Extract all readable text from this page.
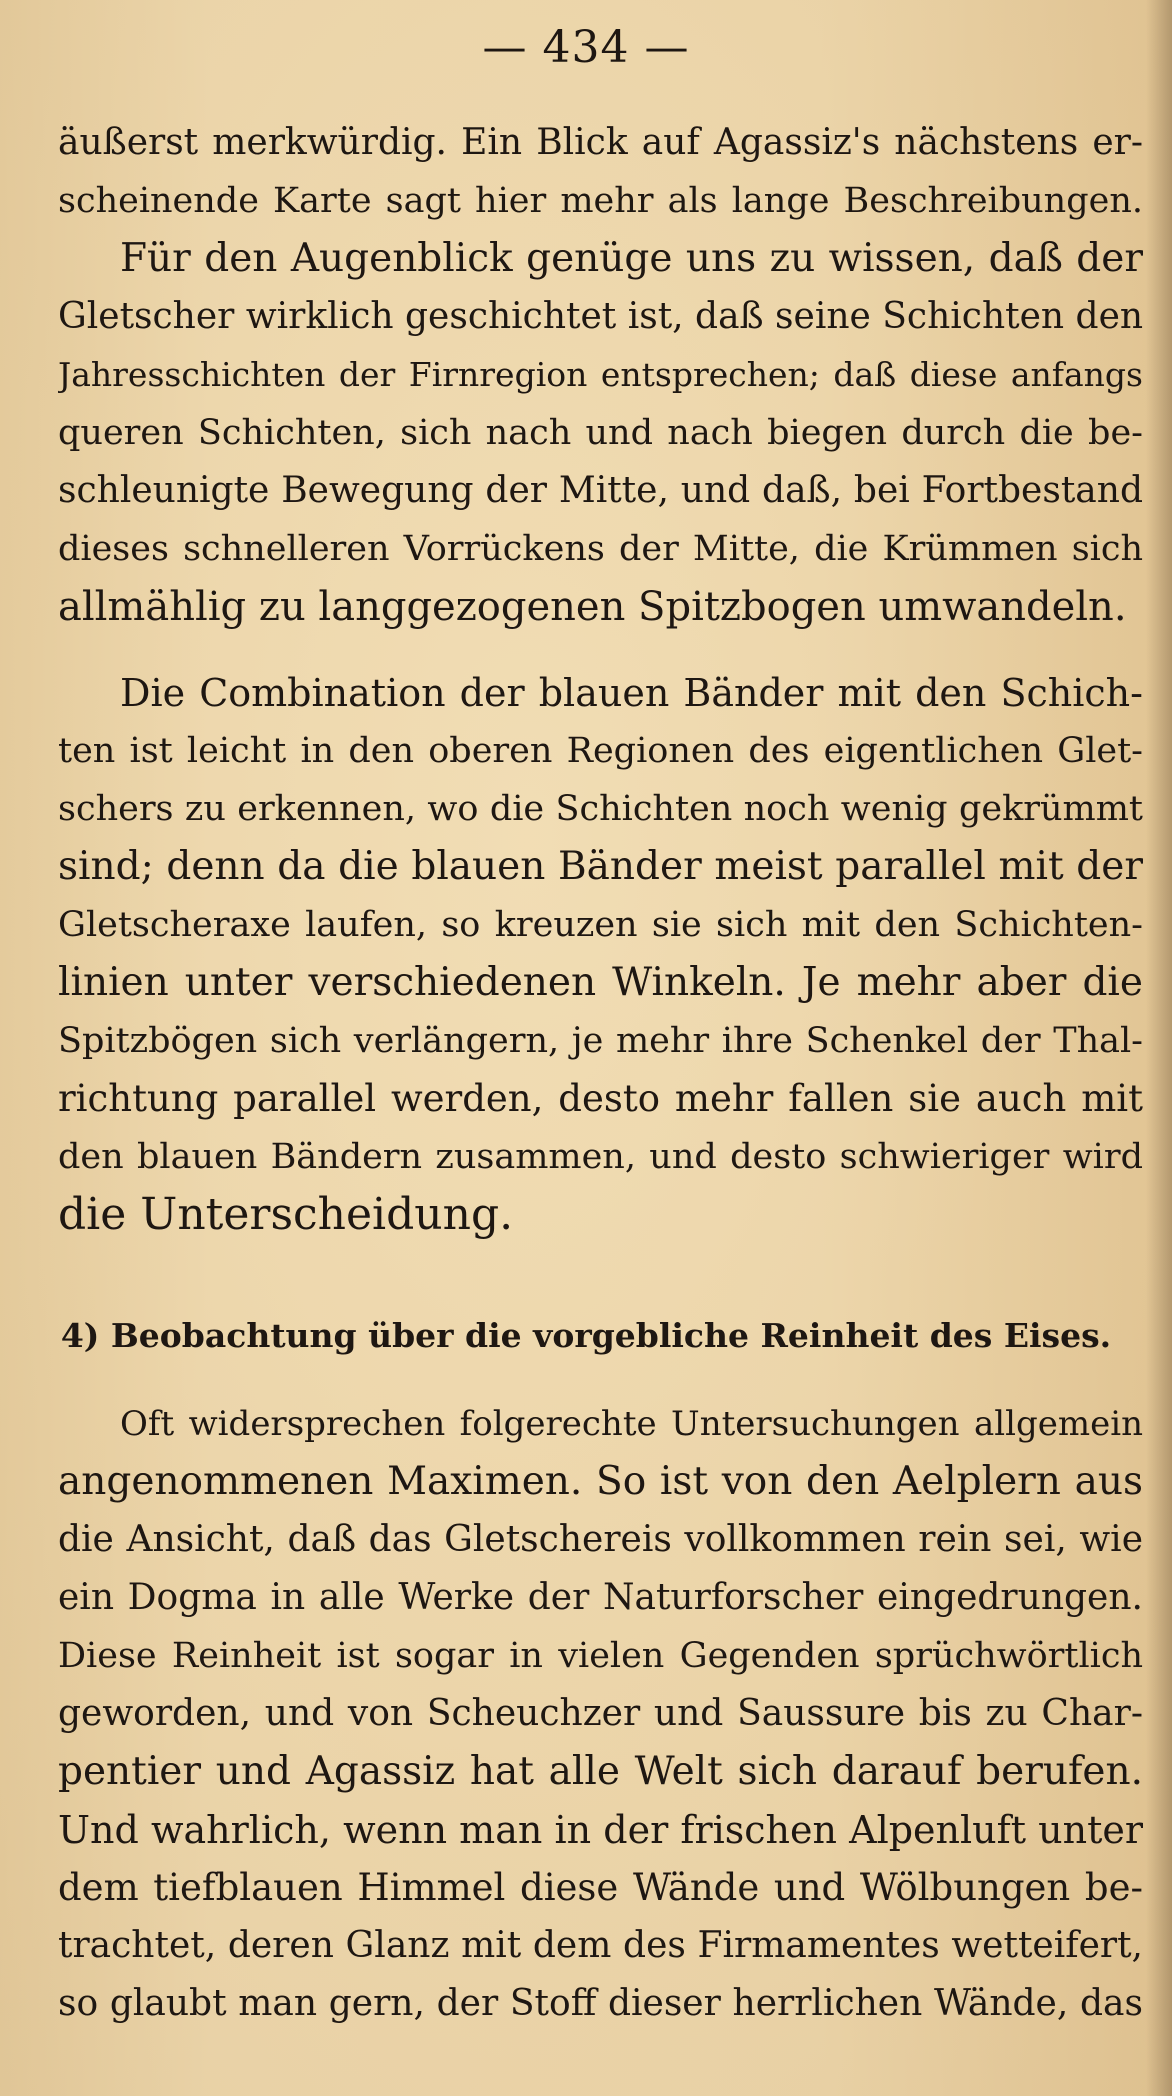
— 434 —
äußerst merkwürdig. Ein Blick auf Agassiz's nächstens er-
scheinende Karte sagt hier mehr als lange Beschreibungen.
Für den Augenblick genüge uns zu wissen, daß der
Gletscher wirklich geschichtet ist, daß seine Schichten den
Jahresschichten der Firnregion entsprechen; daß diese anfangs
queren Schichten, sich nach und nach biegen durch die be-
schleunigte Bewegung der Mitte, und daß, bei Fortbestand
dieses schnelleren Vorrückens der Mitte, die Krümmen sich
allmählig zu langgezogenen Spitzbogen umwandeln.
Die Combination der blauen Bänder mit den Schich-
ten ist leicht in den oberen Regionen des eigentlichen Glet-
schers zu erkennen, wo die Schichten noch wenig gekrümmt
sind; denn da die blauen Bänder meist parallel mit der
Gletscheraxe laufen, so kreuzen sie sich mit den Schichten-
linien unter verschiedenen Winkeln. Je mehr aber die
Spitzbögen sich verlängern, je mehr ihre Schenkel der Thal-
richtung parallel werden, desto mehr fallen sie auch mit
den blauen Bändern zusammen, und desto schwieriger wird
die Unterscheidung.
4) Beobachtung über die vorgebliche Reinheit des Eises.
Oft widersprechen folgerechte Untersuchungen allgemein
angenommenen Maximen. So ist von den Aelplern aus
die Ansicht, daß das Gletschereis vollkommen rein sei, wie
ein Dogma in alle Werke der Naturforscher eingedrungen.
Diese Reinheit ist sogar in vielen Gegenden sprüchwörtlich
geworden, und von Scheuchzer und Saussure bis zu Char-
pentier und Agassiz hat alle Welt sich darauf berufen.
Und wahrlich, wenn man in der frischen Alpenluft unter
dem tiefblauen Himmel diese Wände und Wölbungen be-
trachtet, deren Glanz mit dem des Firmamentes wetteifert,
so glaubt man gern, der Stoff dieser herrlichen Wände, das
